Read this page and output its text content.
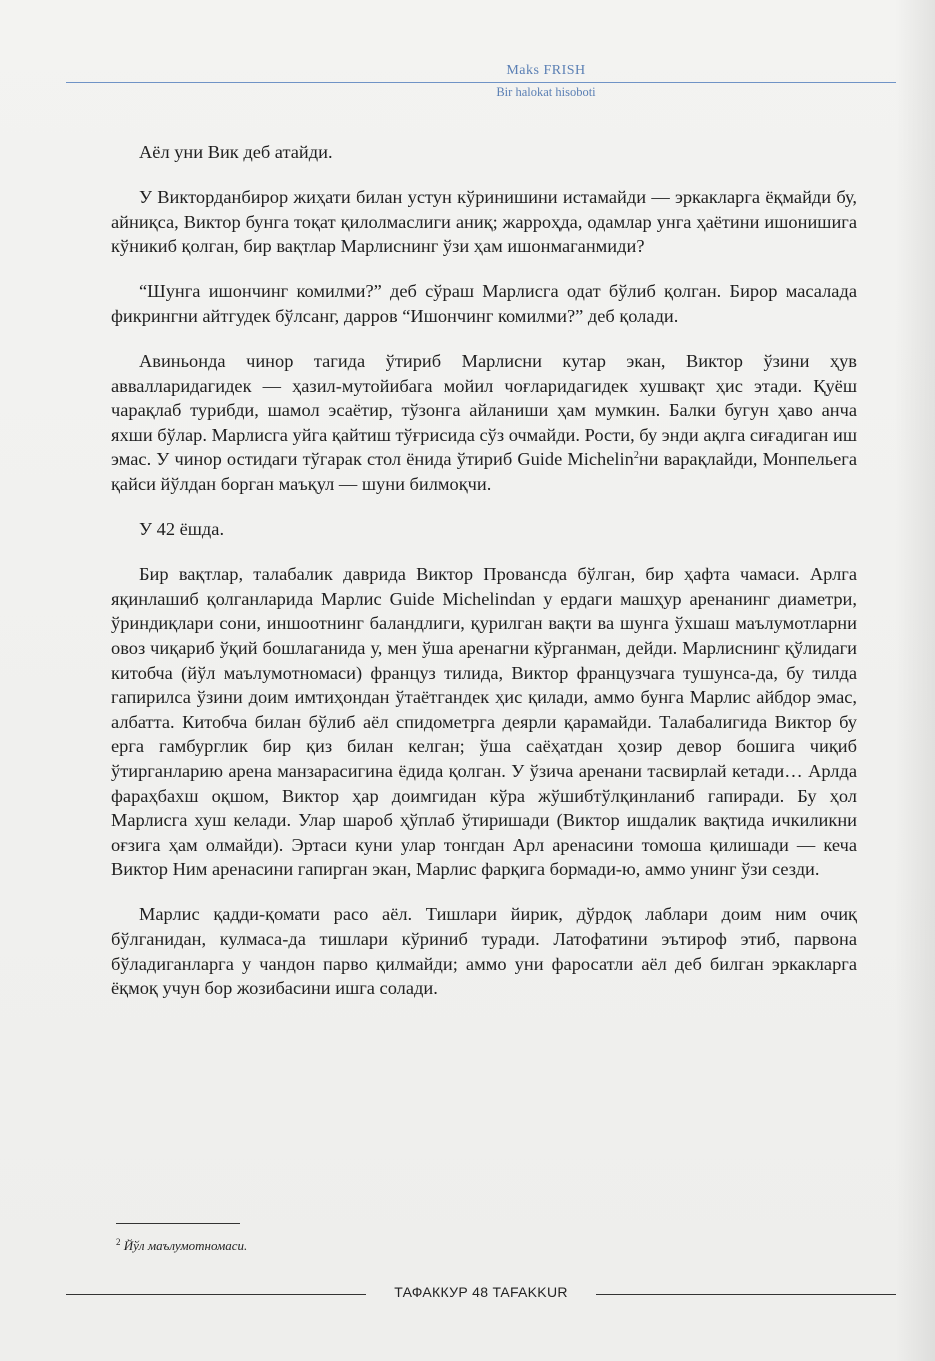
Maks FRISH
Bir halokat hisoboti

Аёл уни Вик деб атайди.

У Викторданбирор жиҳати билан устун кўринишини истамайди — эркакларга ёқмайди бу, айниқса, Виктор бунга тоқат қилолмаслиги аниқ; жарроҳда, одамлар унга ҳаётини ишонишига кўникиб қолган, бир вақтлар Марлиснинг ўзи ҳам ишонмаганмиди?

“Шунга ишончинг комилми?” деб сўраш Марлисга одат бўлиб қолган. Бирор масалада фикрингни айтгудек бўлсанг, дарров “Ишончинг комилми?” деб қолади.

Авиньонда чинор тагида ўтириб Марлисни кутар экан, Виктор ўзини ҳув аввалларидагидек — ҳазил-мутойибага мойил чоғларидагидек хушвақт ҳис этади. Қуёш чарақлаб турибди, шамол эсаётир, тўзонга айланиши ҳам мумкин. Балки бугун ҳаво анча яхши бўлар. Марлисга уйга қайтиш тўғрисида сўз очмайди. Рости, бу энди ақлга сиғадиган иш эмас. У чинор остидаги тўгарак стол ёнида ўтириб Guide Michelin$^2$ни варақлайди, Монпельега қайси йўлдан борган маъқул — шуни билмоқчи.

У 42 ёшда.

Бир вақтлар, талабалик даврида Виктор Провансда бўлган, бир ҳафта чамаси. Арлга яқинлашиб қолганларида Марлис Guide Michelindan у ердаги машҳур аренанинг диаметри, ўриндиқлари сони, иншоотнинг баландлиги, қурилган вақти ва шунга ўхшаш маълумотларни овоз чиқариб ўқий бошлаганида у, мен ўша аренагни кўрганман, дейди. Марлиснинг қўлидаги китобча (йўл маълумотномаси) француз тилида, Виктор французчага тушунса-да, бу тилда гапирилса ўзини доим имтиҳондан ўтаётгандек ҳис қилади, аммо бунга Марлис айбдор эмас, албатта. Китобча билан бўлиб аёл спидометрга деярли қарамайди. Талабалигида Виктор бу ерга гамбурглик бир қиз билан келган; ўша саёҳатдан ҳозир девор бошига чиқиб ўтирганларию арена манзарасигина ёдида қолган. У ўзича аренани тасвирлай кетади… Арлда фараҳбахш оқшом, Виктор ҳар доимгидан кўра жўшибтўлқинланиб гапиради. Бу ҳол Марлисга хуш келади. Улар шароб ҳўплаб ўтиришади (Виктор ишдалик вақтида ичкиликни оғзига ҳам олмайди). Эртаси куни улар тонгдан Арл аренасини томоша қилишади — кеча Виктор Ним аренасини гапирган экан, Марлис фарқига бормади-ю, аммо унинг ўзи сезди.

Марлис қадди-қомати расо аёл. Тишлари йирик, дўрдоқ лаблари доим ним очиқ бўлганидан, кулмаса-да тишлари кўриниб туради. Латофатини эътироф этиб, парвона бўладиганларга у чандон парво қилмайди; аммо уни фаросатли аёл деб билган эркакларга ёқмоқ учун бор жозибасини ишга солади.

$^2$ Йўл маълумотномаси.
ТАФАККУР 48 TAFAKKUR
